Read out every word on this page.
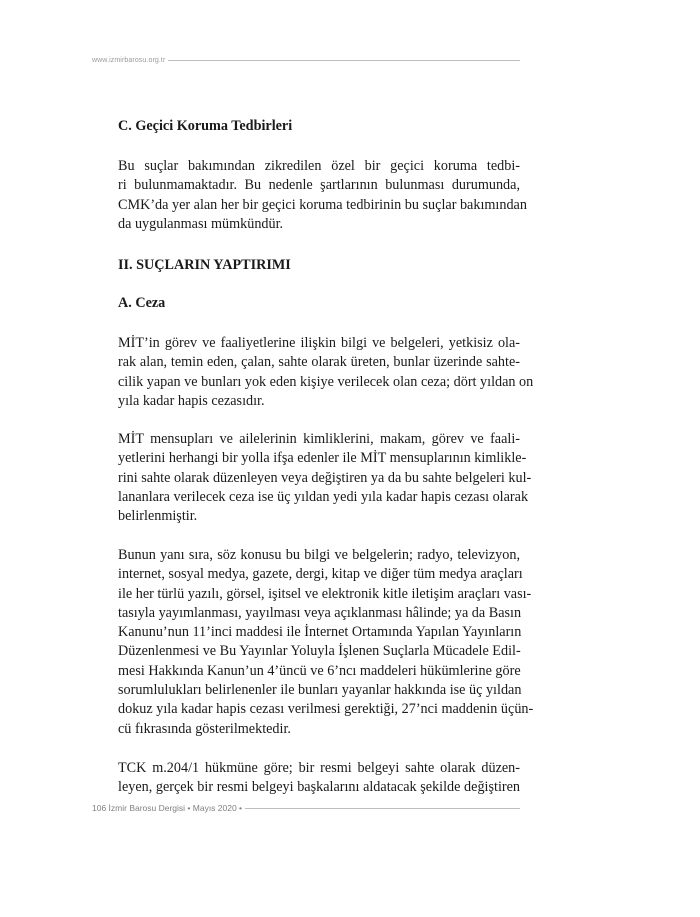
www.izmirbarosu.org.tr
C. Geçici Koruma Tedbirleri
Bu suçlar bakımından zikredilen özel bir geçici koruma tedbi-
ri bulunmamaktadır. Bu nedenle şartlarının bulunması durumunda,
CMK’da yer alan her bir geçici koruma tedbirinin bu suçlar bakımından
da uygulanması mümkündür.
II. SUÇLARIN YAPTIRIMI
A. Ceza
MİT’in görev ve faaliyetlerine ilişkin bilgi ve belgeleri, yetkisiz ola-
rak alan, temin eden, çalan, sahte olarak üreten, bunlar üzerinde sahte-
cilik yapan ve bunları yok eden kişiye verilecek olan ceza; dört yıldan on
yıla kadar hapis cezasıdır.
MİT mensupları ve ailelerinin kimliklerini, makam, görev ve faali-
yetlerini herhangi bir yolla ifşa edenler ile MİT mensuplarının kimlikle-
rini sahte olarak düzenleyen veya değiştiren ya da bu sahte belgeleri kul-
lananlara verilecek ceza ise üç yıldan yedi yıla kadar hapis cezası olarak
belirlenmiştir.
Bunun yanı sıra, söz konusu bu bilgi ve belgelerin; radyo, televizyon,
internet, sosyal medya, gazete, dergi, kitap ve diğer tüm medya araçları
ile her türlü yazılı, görsel, işitsel ve elektronik kitle iletişim araçları vası-
tasıyla yayımlanması, yayılması veya açıklanması hâlinde; ya da Basın
Kanunu’nun 11’inci maddesi ile İnternet Ortamında Yapılan Yayınların
Düzenlenmesi ve Bu Yayınlar Yoluyla İşlenen Suçlarla Mücadele Edil-
mesi Hakkında Kanun’un 4’üncü ve 6’ncı maddeleri hükümlerine göre
sorumlulukları belirlenenler ile bunları yayanlar hakkında ise üç yıldan
dokuz yıla kadar hapis cezası verilmesi gerektiği, 27’nci maddenin üçün-
cü fıkrasında gösterilmektedir.
TCK m.204/1 hükmüne göre; bir resmi belgeyi sahte olarak düzen-
leyen, gerçek bir resmi belgeyi başkalarını aldatacak şekilde değiştiren
106 İzmir Barosu Dergisi • Mayıs 2020 •
